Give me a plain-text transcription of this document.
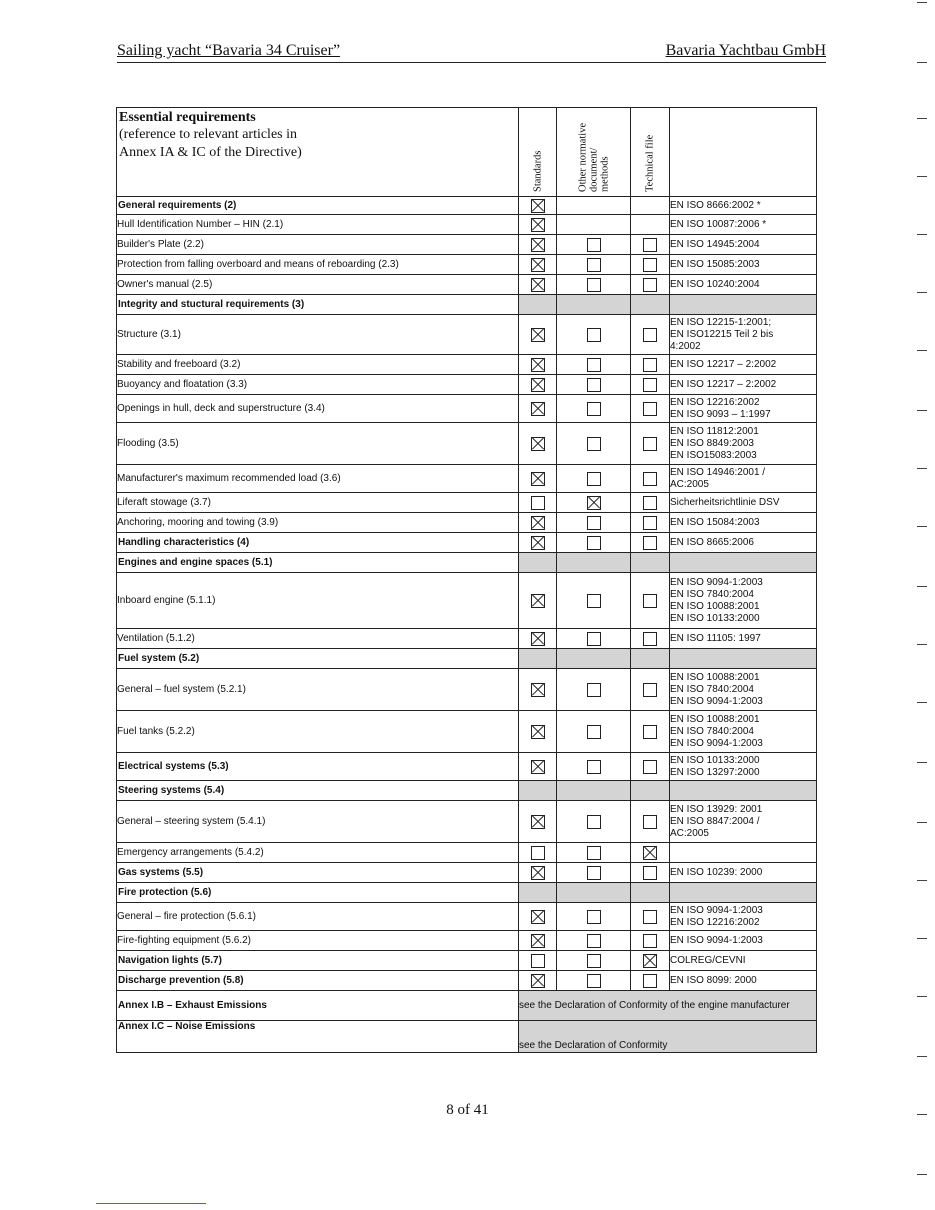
Sailing yacht “Bavaria 34 Cruiser”	Bavaria Yachtbau GmbH
Essential requirements
(reference to relevant articles in
Annex IA & IC of the Directive)	Standards	Other normative document/ methods	Technical file	

General requirements (2)				EN ISO 8666:2002 *

Hull Identification Number – HIN (2.1)				EN ISO 10087:2006 *

Builder's Plate (2.2)				EN ISO 14945:2004

Protection from falling overboard and means of reboarding (2.3)				EN ISO 15085:2003

Owner's manual (2.5)				EN ISO 10240:2004

Integrity and stuctural requirements (3)				
Structure (3.1)				EN ISO 12215-1:2001;
EN ISO12215 Teil 2 bis
4:2002

Stability and freeboard (3.2)				EN ISO 12217 – 2:2002

Buoyancy and floatation (3.3)				EN ISO 12217 – 2:2002

Openings in hull, deck and superstructure (3.4)				EN ISO 12216:2002
EN ISO 9093 – 1:1997

Flooding (3.5)				EN ISO 11812:2001
EN ISO 8849:2003
EN ISO15083:2003

Manufacturer's maximum recommended load (3.6)				EN ISO 14946:2001 /
AC:2005

Liferaft stowage (3.7)				Sicherheitsrichtlinie DSV

Anchoring, mooring and towing (3.9)				EN ISO 15084:2003

Handling characteristics (4)				EN ISO 8665:2006

Engines and engine spaces (5.1)				
Inboard engine (5.1.1)				EN ISO 9094-1:2003
EN ISO 7840:2004
EN ISO 10088:2001
EN ISO 10133:2000

Ventilation (5.1.2)				EN ISO 11105: 1997

Fuel system (5.2)				
General – fuel system (5.2.1)				EN ISO 10088:2001
EN ISO 7840:2004
EN ISO 9094-1:2003

Fuel tanks (5.2.2)				EN ISO 10088:2001
EN ISO 7840:2004
EN ISO 9094-1:2003

Electrical systems (5.3)				EN ISO 10133:2000
EN ISO 13297:2000

Steering systems (5.4)				
General – steering system (5.4.1)				EN ISO 13929: 2001
EN ISO 8847:2004 /
AC:2005

Emergency arrangements (5.4.2)				
Gas systems (5.5)				EN ISO 10239: 2000

Fire protection (5.6)				
General – fire protection (5.6.1)				EN ISO 9094-1:2003
EN ISO 12216:2002

Fire-fighting equipment (5.6.2)				EN ISO 9094-1:2003

Navigation lights (5.7)				COLREG/CEVNI

Discharge prevention (5.8)				EN ISO 8099: 2000

Annex I.B – Exhaust Emissions	see the Declaration of Conformity of the engine manufacturer			
Annex I.C – Noise Emissions	see the Declaration of Conformity			
8 of 41
